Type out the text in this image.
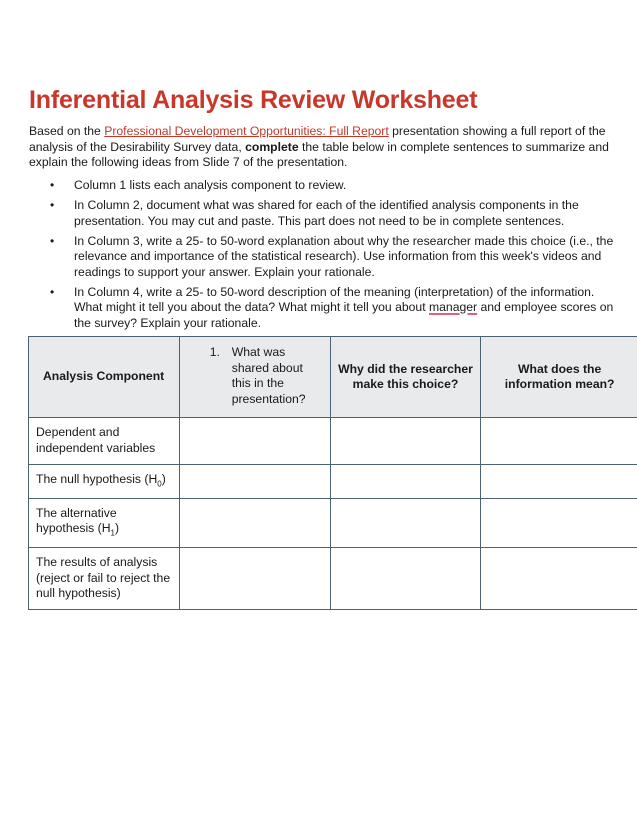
Inferential Analysis Review Worksheet

Based on the Professional Development Opportunities: Full Report presentation showing a full report of the analysis of the Desirability Survey data, complete the table below in complete sentences to summarize and explain the following ideas from Slide 7 of the presentation.

• Column 1 lists each analysis component to review.
• In Column 2, document what was shared for each of the identified analysis components in the presentation. You may cut and paste. This part does not need to be in complete sentences.
• In Column 3, write a 25- to 50-word explanation about why the researcher made this choice (i.e., the relevance and importance of the statistical research). Use information from this week's videos and readings to support your answer. Explain your rationale.
• In Column 4, write a 25- to 50-word description of the meaning (interpretation) of the information. What might it tell you about the data? What might it tell you about manager and employee scores on the survey? Explain your rationale.
Analysis Component	1. What was shared about this in the presentation?	Why did the researcher make this choice?	What does the information mean?
Dependent and independent variables			
The null hypothesis $(H_0)$			
The alternative hypothesis $(H_1)$			
The results of analysis (reject or fail to reject the null hypothesis)			
